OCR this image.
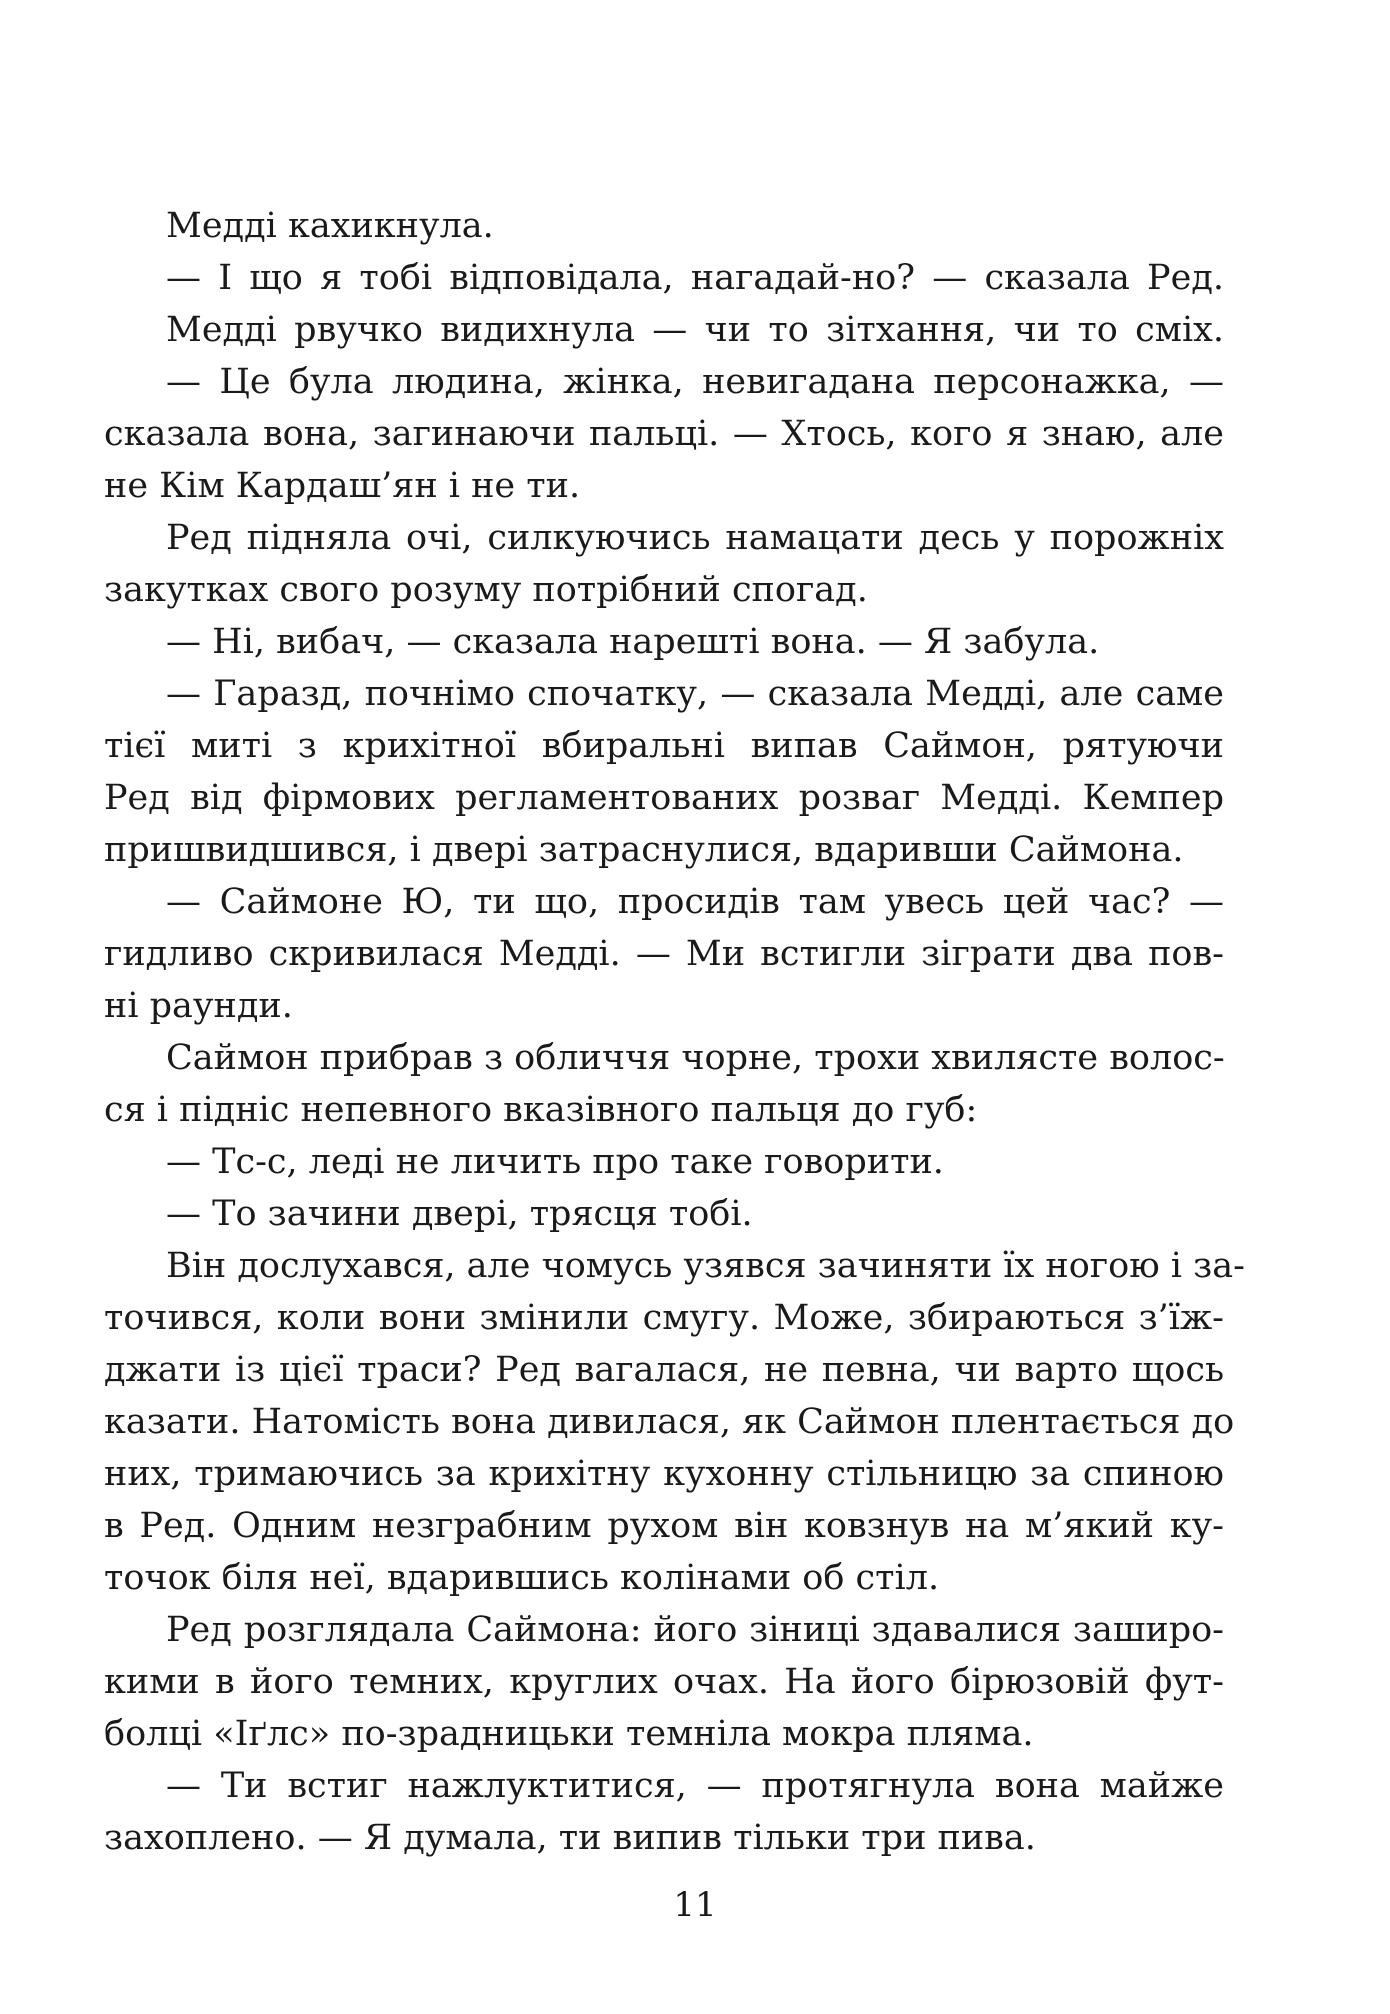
Медді кахикнула.
— І що я тобі відповідала, нагадай-но? — сказала Ред.
Медді рвучко видихнула — чи то зітхання, чи то сміх.
— Це була людина, жінка, невигадана персонажка, —
сказала вона, загинаючи пальці. — Хтось, кого я знаю, але
не Кім Кардаш’ян і не ти.
Ред підняла очі, силкуючись намацати десь у порожніх
закутках свого розуму потрібний спогад.
— Ні, вибач, — сказала нарешті вона. — Я забула.
— Гаразд, почнімо спочатку, — сказала Медді, але саме
тієї миті з крихітної вбиральні випав Саймон, рятуючи
Ред від фірмових регламентованих розваг Медді. Кемпер
пришвидшився, і двері затраснулися, вдаривши Саймона.
— Саймоне Ю, ти що, просидів там увесь цей час? —
гидливо скривилася Медді. — Ми встигли зіграти два пов-
ні раунди.
Саймон прибрав з обличчя чорне, трохи хвилясте волос-
ся і підніс непевного вказівного пальця до губ:
— Тс-с, леді не личить про таке говорити.
— То зачини двері, трясця тобі.
Він дослухався, але чомусь узявся зачиняти їх ногою і за-
точився, коли вони змінили смугу. Може, збираються з’їж-
джати із цієї траси? Ред вагалася, не певна, чи варто щось
казати. Натомість вона дивилася, як Саймон плентається до
них, тримаючись за крихітну кухонну стільницю за спиною
в Ред. Одним незграбним рухом він ковзнув на м’який ку-
точок біля неї, вдарившись колінами об стіл.
Ред розглядала Саймона: його зіниці здавалися заширо-
кими в його темних, круглих очах. На його бірюзовій фут-
болці «Іґлс» по-зрадницьки темніла мокра пляма.
— Ти встиг нажлуктитися, — протягнула вона майже
захоплено. — Я думала, ти випив тільки три пива.
11
